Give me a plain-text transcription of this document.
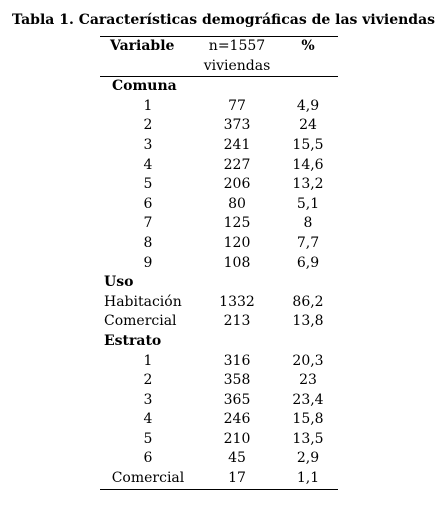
Tabla 1. Características demográficas de las viviendas
Variable	n=1557 viviendas	%
Comuna		
1	77	4,9
2	373	24
3	241	15,5
4	227	14,6
5	206	13,2
6	80	5,1
7	125	8
8	120	7,7
9	108	6,9
Uso		
Habitación	1332	86,2
Comercial	213	13,8
Estrato		
1	316	20,3
2	358	23
3	365	23,4
4	246	15,8
5	210	13,5
6	45	2,9
Comercial	17	1,1
